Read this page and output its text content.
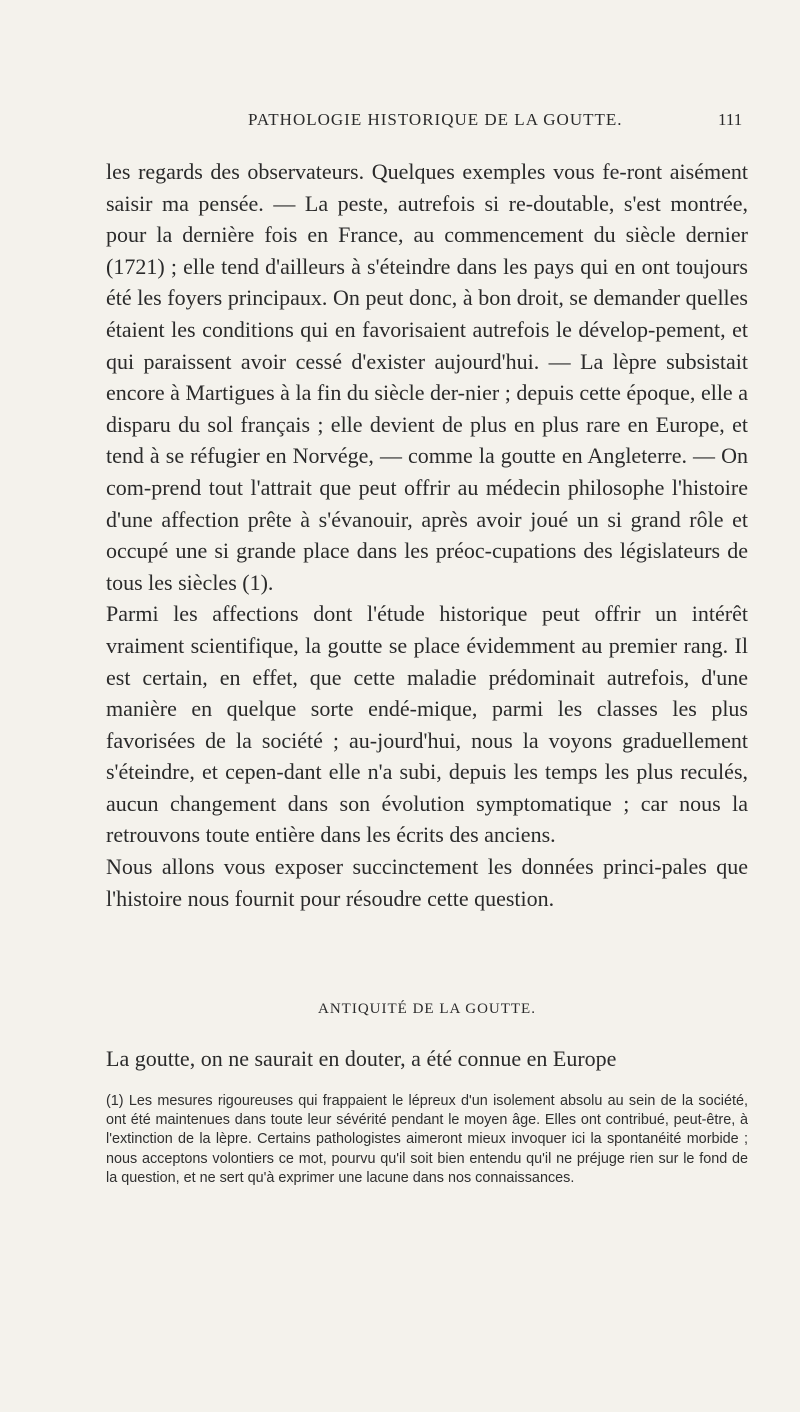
PATHOLOGIE HISTORIQUE DE LA GOUTTE.	111

les regards des observateurs. Quelques exemples vous fe-ront aisément saisir ma pensée. — La peste, autrefois si re-doutable, s'est montrée, pour la dernière fois en France, au commencement du siècle dernier (1721) ; elle tend d'ailleurs à s'éteindre dans les pays qui en ont toujours été les foyers principaux. On peut donc, à bon droit, se demander quelles étaient les conditions qui en favorisaient autrefois le dévelop-pement, et qui paraissent avoir cessé d'exister aujourd'hui. — La lèpre subsistait encore à Martigues à la fin du siècle der-nier ; depuis cette époque, elle a disparu du sol français ; elle devient de plus en plus rare en Europe, et tend à se réfugier en Norvége, — comme la goutte en Angleterre. — On com-prend tout l'attrait que peut offrir au médecin philosophe l'histoire d'une affection prête à s'évanouir, après avoir joué un si grand rôle et occupé une si grande place dans les préoc-cupations des législateurs de tous les siècles (1).

Parmi les affections dont l'étude historique peut offrir un intérêt vraiment scientifique, la goutte se place évidemment au premier rang. Il est certain, en effet, que cette maladie prédominait autrefois, d'une manière en quelque sorte endé-mique, parmi les classes les plus favorisées de la société ; au-jourd'hui, nous la voyons graduellement s'éteindre, et cepen-dant elle n'a subi, depuis les temps les plus reculés, aucun changement dans son évolution symptomatique ; car nous la retrouvons toute entière dans les écrits des anciens.

Nous allons vous exposer succinctement les données princi-pales que l'histoire nous fournit pour résoudre cette question.

ANTIQUITÉ DE LA GOUTTE.
La goutte, on ne saurait en douter, a été connue en Europe
(1) Les mesures rigoureuses qui frappaient le lépreux d'un isolement absolu au sein de la société, ont été maintenues dans toute leur sévérité pendant le moyen âge. Elles ont contribué, peut-être, à l'extinction de la lèpre. Certains pathologistes aimeront mieux invoquer ici la spontanéité morbide ; nous acceptons volontiers ce mot, pourvu qu'il soit bien entendu qu'il ne préjuge rien sur le fond de la question, et ne sert qu'à exprimer une lacune dans nos connaissances.
